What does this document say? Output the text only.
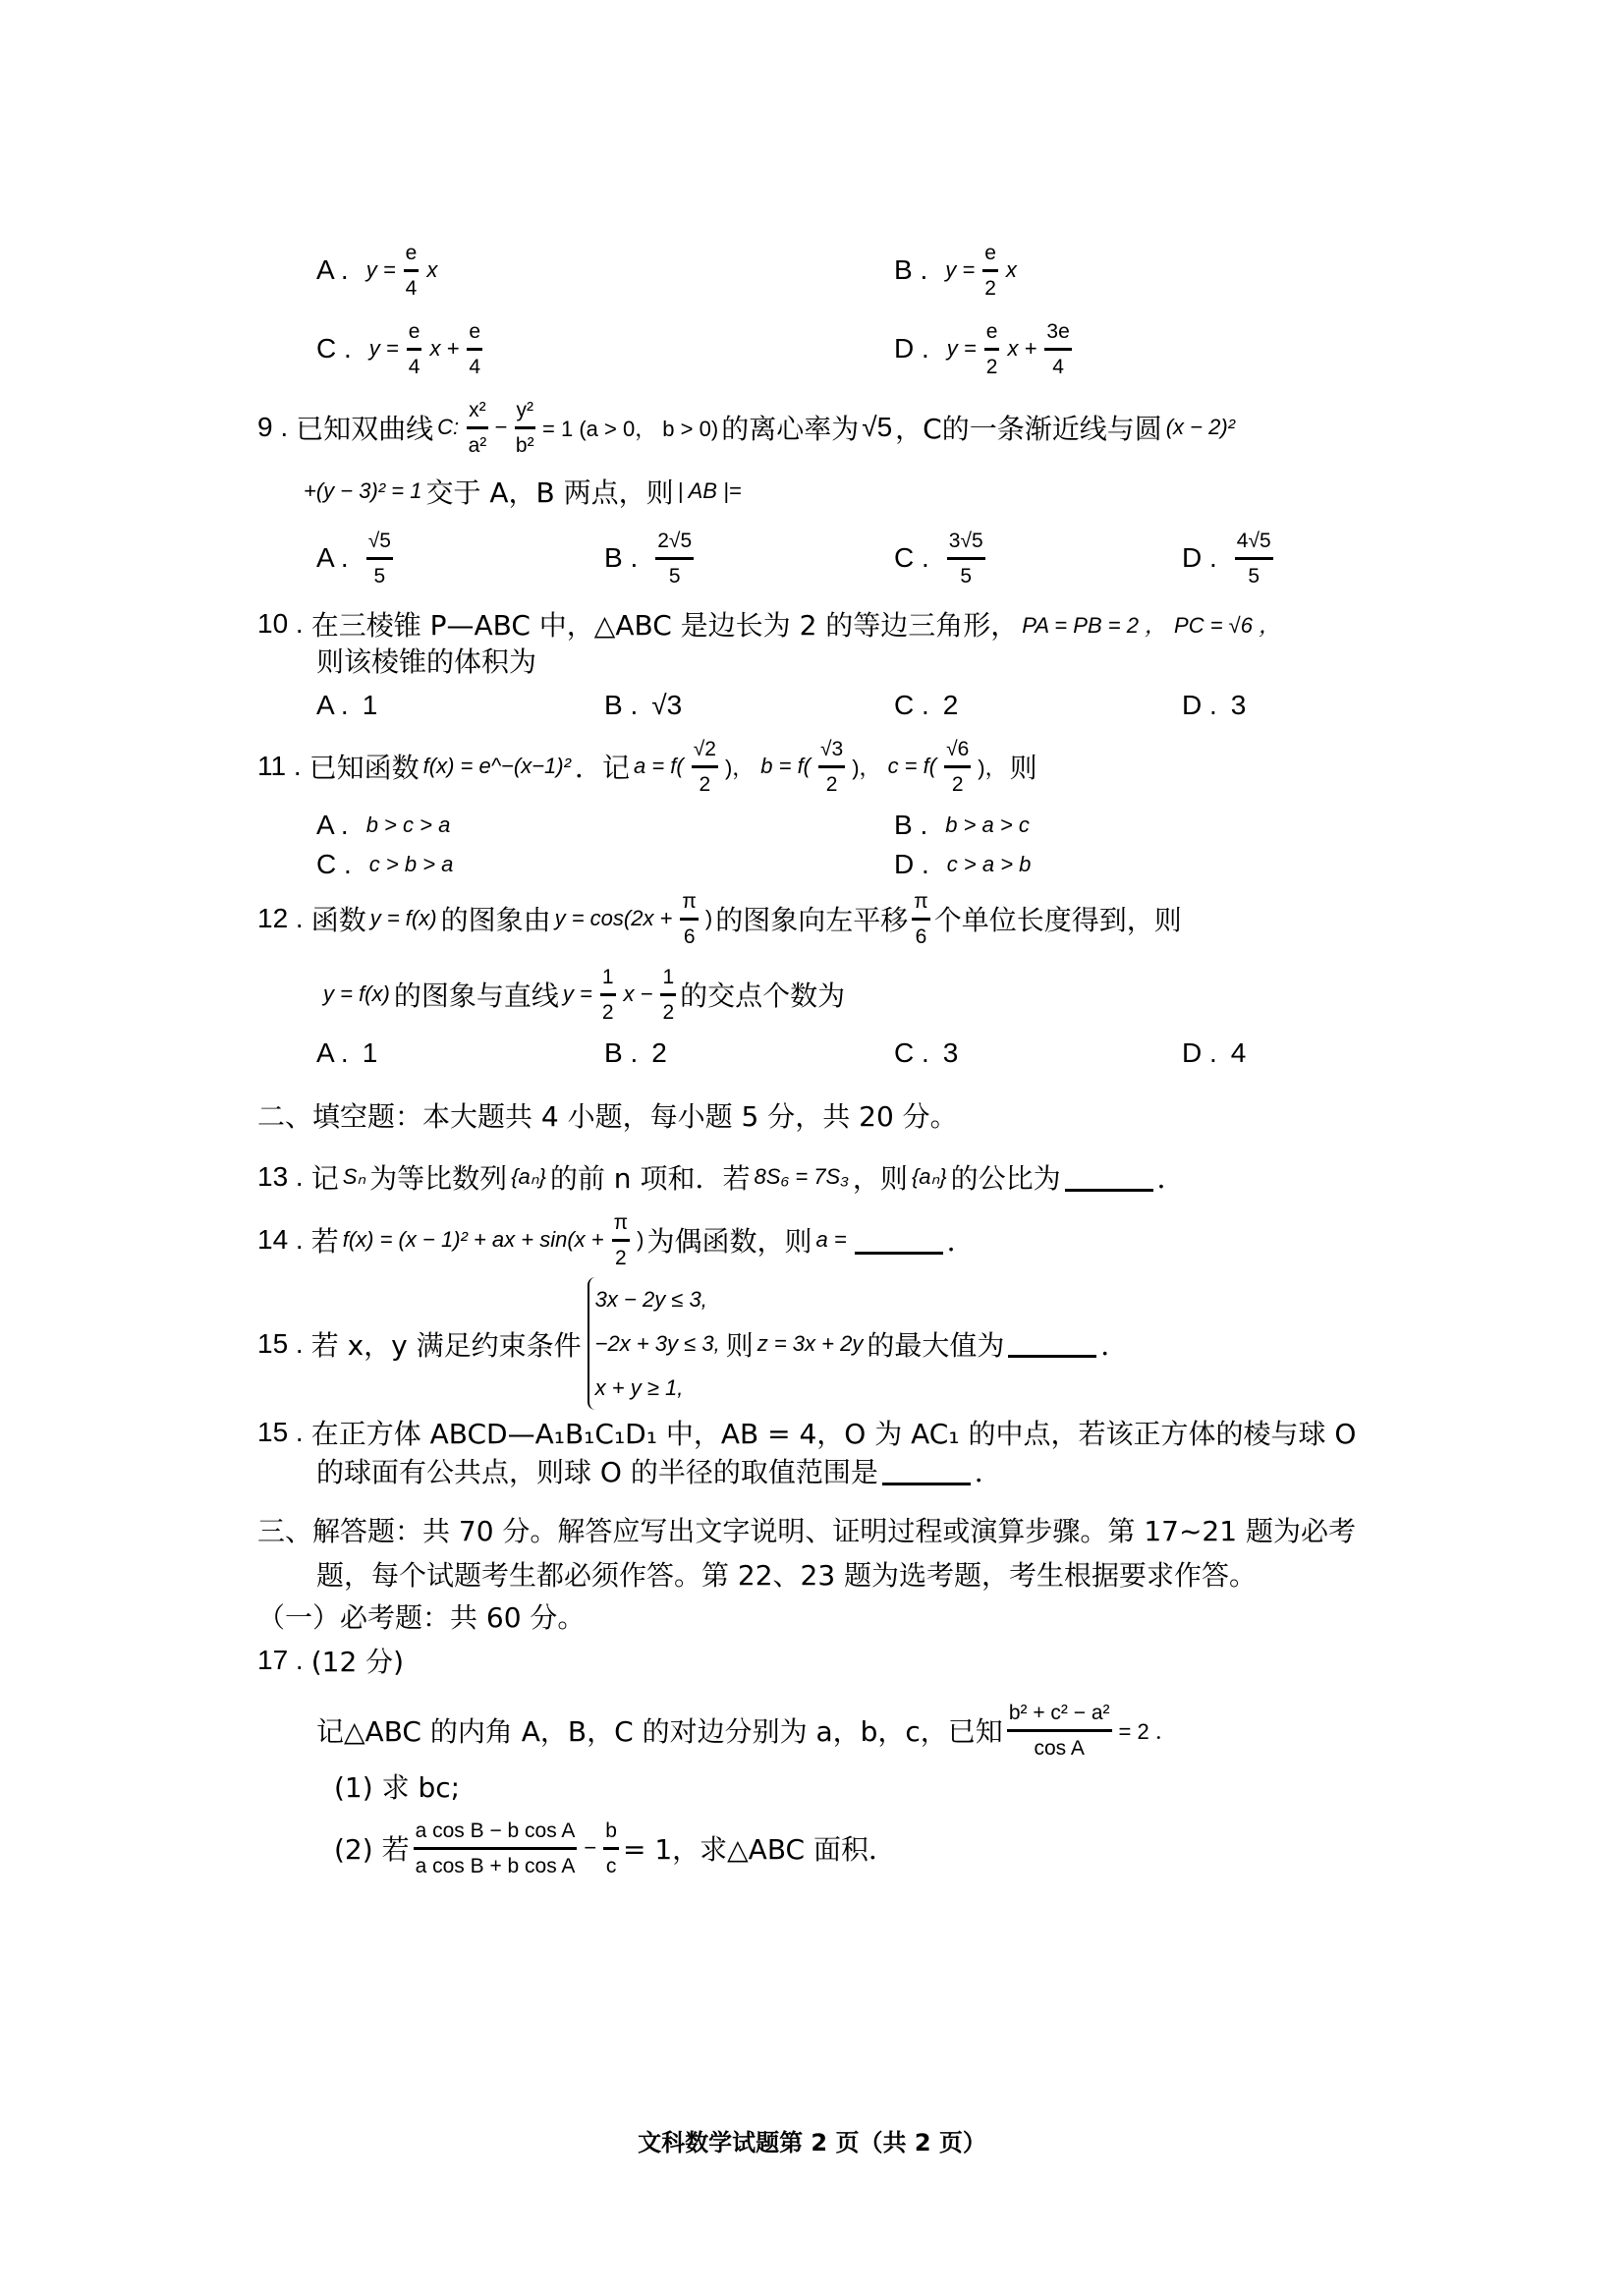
A . $y = \frac{e}{4}$ x	B . $y = \frac{e}{2}$ x
C . $y = \frac{e}{4}$ $x + \frac{e}{4}$	D . $y = \frac{e}{2}$ $x + \frac{3e}{4}$
9 . 已知双曲线 C: $\frac{\text{x²}}{\text{a²}} - \frac{\text{y²}}{\text{b²}} = 1$ (a > 0， b > 0) 的离心率为 √5 ，C的一条渐近线与圆 (x − 2)²
+(y − 3)² = 1 交于 A，B 两点，则 | AB |=
A . $\frac{√5}{5}$	B . $\frac{2√5}{5}$	C . $\frac{3√5}{5}$	D . $\frac{4√5}{5}$
10 . 在三棱锥 P—ABC 中，△ABC 是边长为 2 的等边三角形， PA = PB = 2 ， PC = √6 ，
则该棱锥的体积为
A . 1	B . √3	C . 2	D . 3
11 . 已知函数 f(x) = e^−(x−1)² ．记 $a = f( \frac{√2}{2}$ )， $b = f( \frac{√3}{2}$ )， $c = f( \frac{√6}{2}$ )， 则
A . b > c > a	B . b > a > c
C . c > b > a	D . c > a > b
12 . 函数 y = f(x) 的图象由 $y = \cos(2x + \frac{\pi}{6}$ ) 的图象向左平移 $\frac{\pi}{6}$ 个单位长度得到，则
y = f(x) 的图象与直线 $y = \frac{1}{2}$ $x - \frac{1}{2}$ 的交点个数为
A . 1	B . 2	C . 3	D . 4
二、填空题：本大题共 4 小题，每小题 5 分，共 20 分。
13 . 记 Sₙ 为等比数列 {aₙ} 的前 n 项和．若 8S₆ = 7S₃ ，则 {aₙ} 的公比为	．
14 . 若 f(x) = (x − 1)² + ax + $\sin(x + \frac{\pi}{2}$ ) 为偶函数，则 a =	．
15 . 若 x，y 满足约束条件
3x − 2y ≤ 3,
−2x + 3y ≤ 3,
x + y ≥ 1,
则 z = 3x + 2y 的最大值为	．
15 . 在正方体 ABCD—A₁B₁C₁D₁ 中，AB = 4，O 为 AC₁ 的中点，若该正方体的棱与球 O
的球面有公共点，则球 O 的半径的取值范围是	．
三、解答题：共 70 分。解答应写出文字说明、证明过程或演算步骤。第 17~21 题为必考
题，每个试题考生都必须作答。第 22、23 题为选考题，考生根据要求作答。
（一）必考题：共 60 分。
17 . (12 分)
记△ABC 的内角 A，B，C 的对边分别为 a，b，c，已知 $\frac{\text{b² + c² − a²}}{\text{cos A}} = 2$ ．
(1) 求 bc;
(2) 若 $\frac{\text{a cos B − b cos A}}{\text{a cos B + b cos A}} - \frac{b}{c} = 1$，求△ABC 面积．
文科数学试题第 2 页（共 2 页）
